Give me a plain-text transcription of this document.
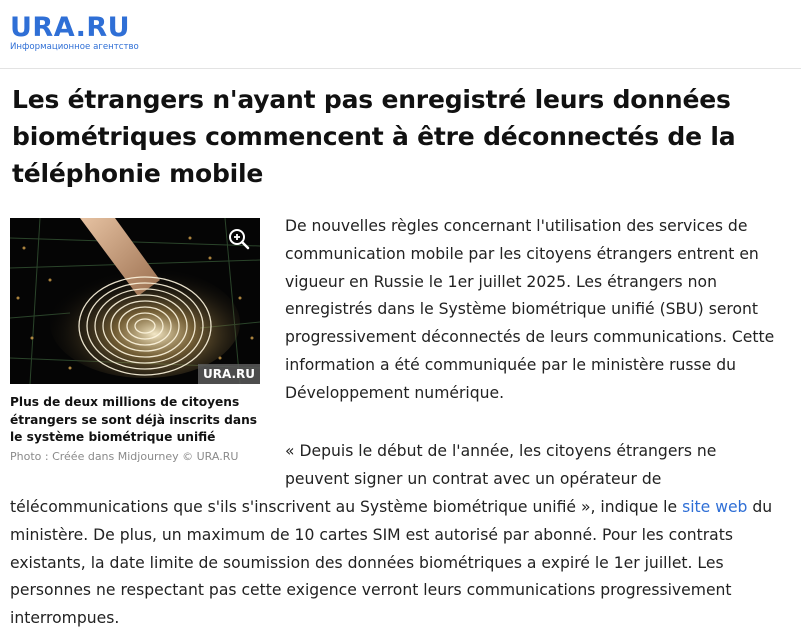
URA.RU
Информационное агентство
Les étrangers n'ayant pas enregistré leurs données biométriques commencent à être déconnectés de la téléphonie mobile
URA.RU
Plus de deux millions de citoyens étrangers se sont déjà inscrits dans le système biométrique unifié
Photo : Créée dans Midjourney © URA.RU

De nouvelles règles concernant l'utilisation des services de communication mobile par les citoyens étrangers entrent en vigueur en Russie le 1er juillet 2025. Les étrangers non enregistrés dans le Système biométrique unifié (SBU) seront progressivement déconnectés de leurs communications. Cette information a été communiquée par le ministère russe du Développement numérique.

« Depuis le début de l'année, les citoyens étrangers ne peuvent signer un contrat avec un opérateur de

télécommunications que s'ils s'inscrivent au Système biométrique unifié », indique le site web du ministère. De plus, un maximum de 10 cartes SIM est autorisé par abonné. Pour les contrats existants, la date limite de soumission des données biométriques a expiré le 1er juillet. Les personnes ne respectant pas cette exigence verront leurs communications progressivement interrompues.
